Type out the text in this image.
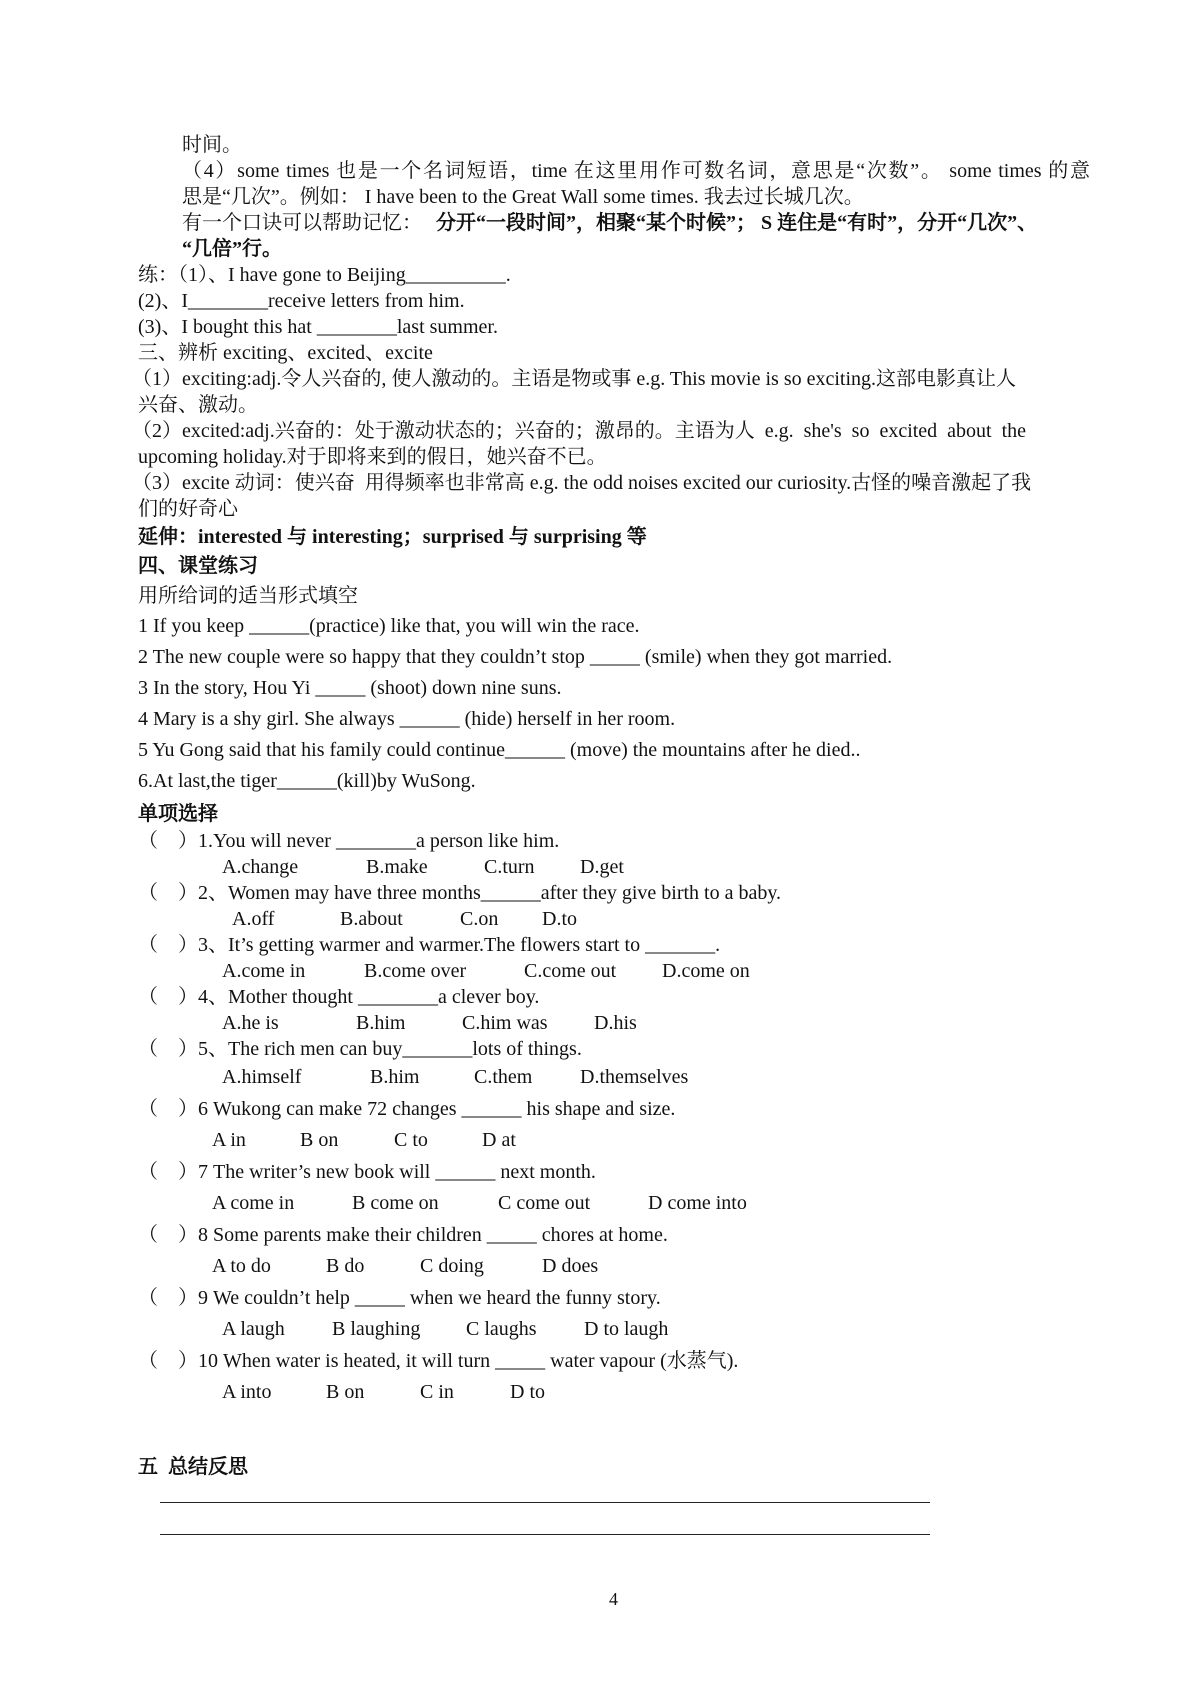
时间。
（4）some times 也是一个名词短语，time 在这里用作可数名词，意思是“次数”。 some times 的意
思是“几次”。例如： I have been to the Great Wall some times. 我去过长城几次。
有一个口诀可以帮助记忆： 分开“一段时间”，相聚“某个时候”； S 连住是“有时”，分开“几次”、
“几倍”行。
练：（1）、I have gone to Beijing__________.
(2)、I________receive letters from him.
(3)、I bought this hat ________last summer.
三、辨析 exciting、excited、excite
（1）exciting:adj.令人兴奋的, 使人激动的。主语是物或事 e.g. This movie is so exciting.这部电影真让人
兴奋、激动。
（2）excited:adj.兴奋的：处于激动状态的；兴奋的；激昂的。主语为人  e.g.  she's  so  excited  about  the
upcoming holiday.对于即将来到的假日，她兴奋不已。
（3）excite 动词：使兴奋  用得频率也非常高 e.g. the odd noises excited our curiosity.古怪的噪音激起了我
们的好奇心
延伸：interested 与 interesting；surprised 与 surprising 等
四、课堂练习
用所给词的适当形式填空
1 If you keep ______(practice) like that, you will win the race.
2 The new couple were so happy that they couldn’t stop _____ (smile) when they got married.
3 In the story, Hou Yi _____ (shoot) down nine suns.
4 Mary is a shy girl. She always ______ (hide) herself in her room.
5 Yu Gong said that his family could continue______ (move) the mountains after he died..
6.At last,the tiger______(kill)by WuSong.
单项选择
（    ）1.You will never ________a person like him.

A.change

	B.make

	C.turn

D.get

（    ）2、Women may have three months______after they give birth to a baby.

A.off

	B.about

	C.on

D.to

（    ）3、It’s getting warmer and warmer.The flowers start to _______.

A.come in

	B.come over

	C.come out

D.come on

（    ）4、Mother thought ________a clever boy.

A.he is

	B.him

	C.him was

D.his

（    ）5、The rich men can buy_______lots of things.

A.himself

	B.him

	C.them

D.themselves

（    ）6 Wukong can make 72 changes ______ his shape and size.

A in

	B on

	C to

	D at

（    ）7 The writer’s new book will ______ next month.

A come in

	B come on

	C come out

	D come into

（    ）8 Some parents make their children _____ chores at home.

A to do

	B do

	C doing

	D does

（    ）9 We couldn’t help _____ when we heard the funny story.

A laugh

B laughing

C laughs

D to laugh

（    ）10 When water is heated, it will turn _____ water vapour (水蒸气).

A into

	B on

	C in

	D to

五  总结反思
4
